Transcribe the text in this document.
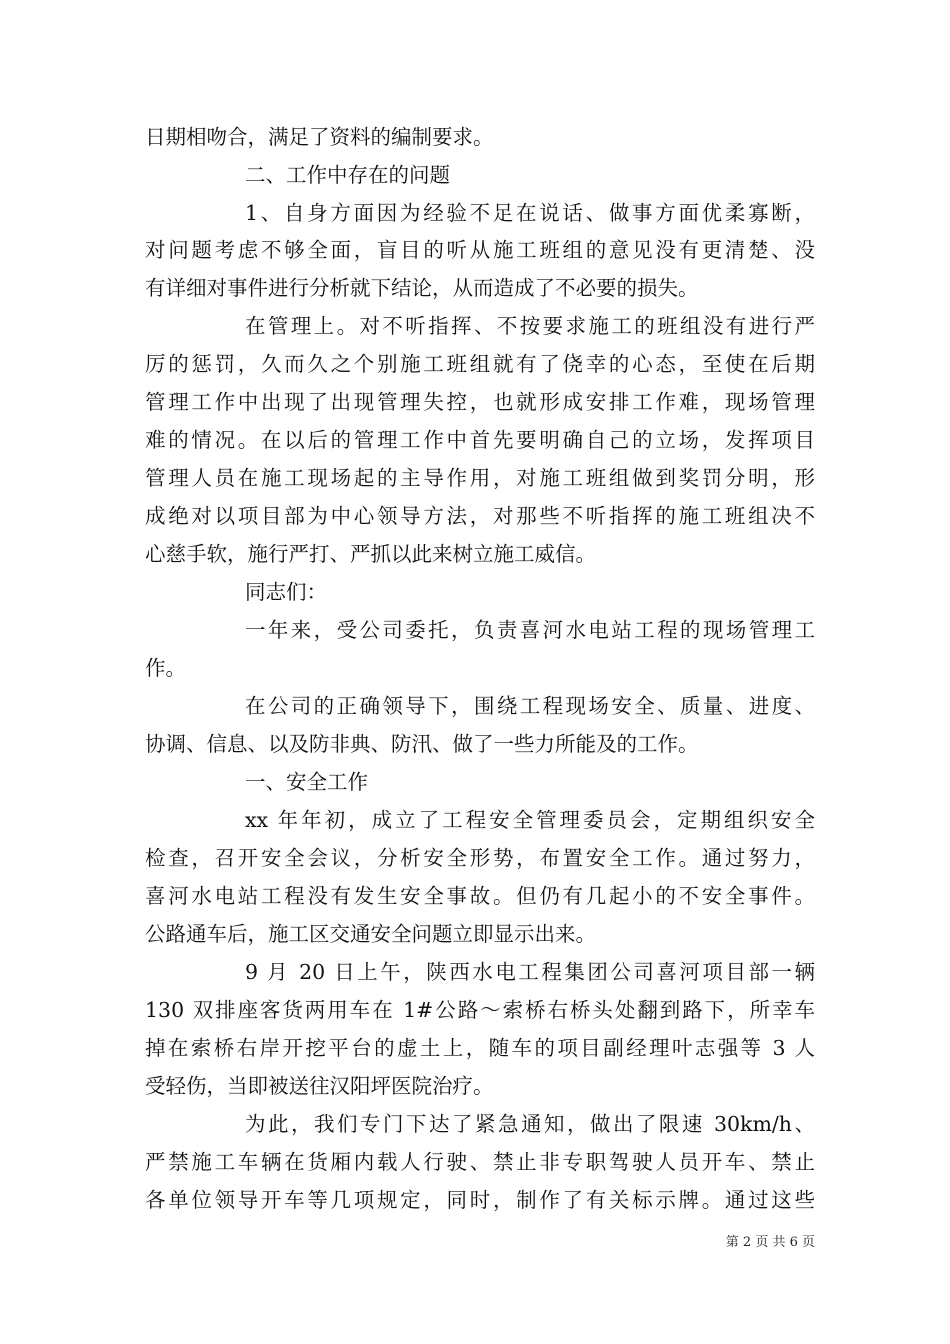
日期相吻合，满足了资料的编制要求。
二、工作中存在的问题
1、自身方面因为经验不足在说话、做事方面优柔寡断，
对问题考虑不够全面，盲目的听从施工班组的意见没有更清楚、没
有详细对事件进行分析就下结论，从而造成了不必要的损失。
在管理上。对不听指挥、不按要求施工的班组没有进行严
厉的惩罚，久而久之个别施工班组就有了侥幸的心态，至使在后期
管理工作中出现了出现管理失控，也就形成安排工作难，现场管理
难的情况。在以后的管理工作中首先要明确自己的立场，发挥项目
管理人员在施工现场起的主导作用，对施工班组做到奖罚分明，形
成绝对以项目部为中心领导方法，对那些不听指挥的施工班组决不
心慈手软，施行严打、严抓以此来树立施工威信。
同志们：
一年来，受公司委托，负责喜河水电站工程的现场管理工
作。
在公司的正确领导下，围绕工程现场安全、质量、进度、
协调、信息、以及防非典、防汛、做了一些力所能及的工作。
一、安全工作
xx 年年初，成立了工程安全管理委员会，定期组织安全
检查，召开安全会议，分析安全形势，布置安全工作。通过努力，
喜河水电站工程没有发生安全事故。但仍有几起小的不安全事件。
公路通车后，施工区交通安全问题立即显示出来。
9 月 20 日上午，陕西水电工程集团公司喜河项目部一辆
130 双排座客货两用车在 1#公路～索桥右桥头处翻到路下，所幸车
掉在索桥右岸开挖平台的虚土上，随车的项目副经理叶志强等 3 人
受轻伤，当即被送往汉阳坪医院治疗。
为此，我们专门下达了紧急通知，做出了限速 30km/h、
严禁施工车辆在货厢内载人行驶、禁止非专职驾驶人员开车、禁止
各单位领导开车等几项规定，同时，制作了有关标示牌。通过这些
第 2 页 共 6 页
